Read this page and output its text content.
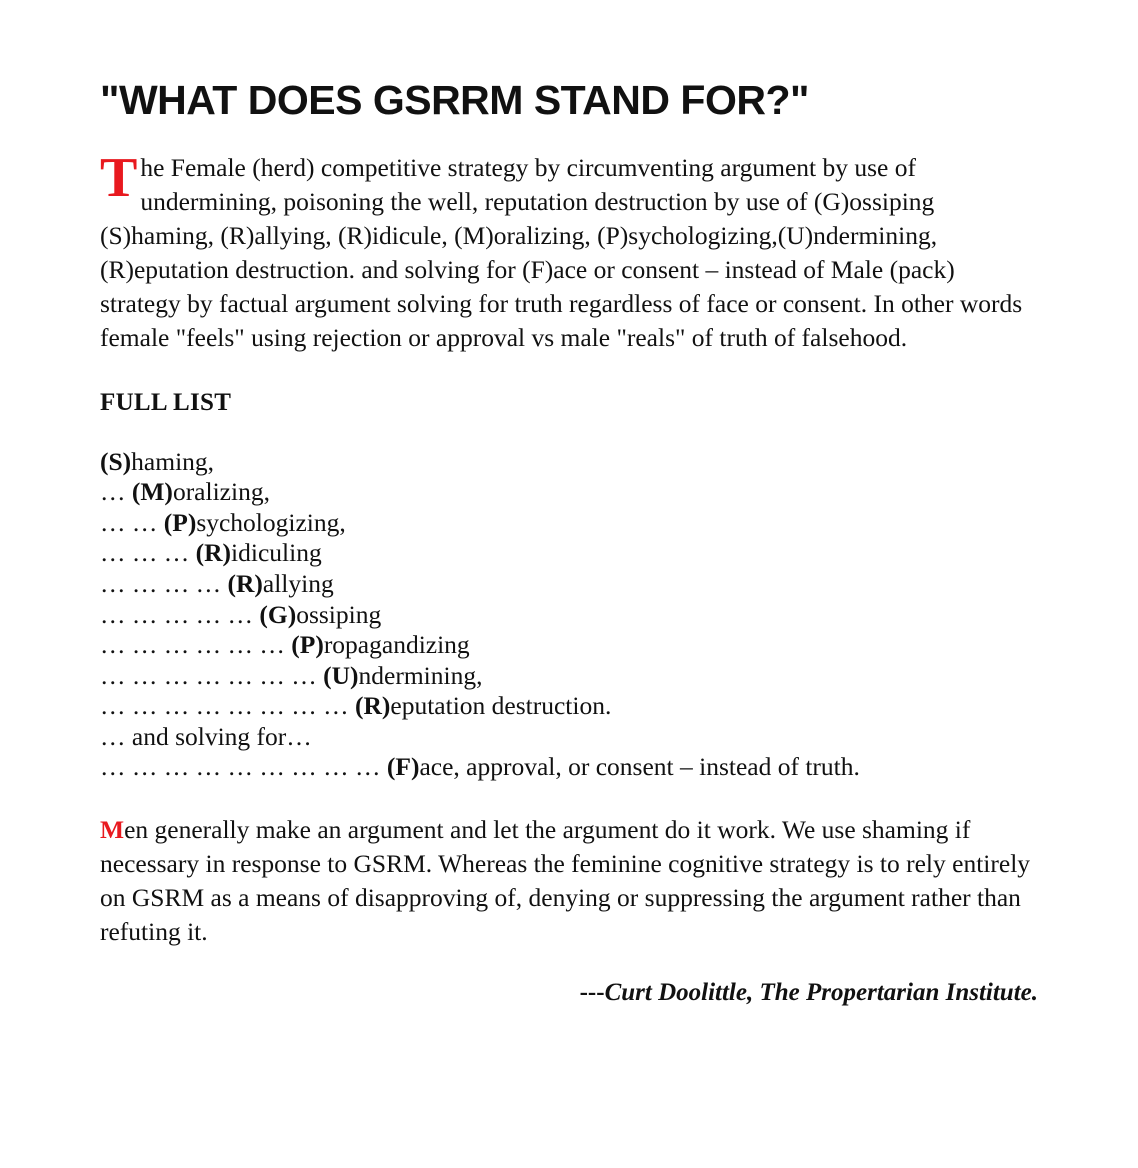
"WHAT DOES GSRRM STAND FOR?"

The Female (herd) competitive strategy by circumventing argument by use of undermining, poisoning the well, reputation destruction by use of (G)ossiping (S)haming, (R)allying, (R)idicule, (M)oralizing, (P)sychologizing,(U)ndermining, (R)eputation destruction. and solving for (F)ace or consent – instead of Male (pack) strategy by factual argument solving for truth regardless of face or consent. In other words female "feels" using rejection or approval vs male "reals" of truth of falsehood.

FULL LIST
(S)haming,
… (M)oralizing,
… … (P)sychologizing,
… … … (R)idiculing
… … … … (R)allying
… … … … … (G)ossiping
… … … … … … (P)ropagandizing
… … … … … … … (U)ndermining,
… … … … … … … … (R)eputation destruction.
… and solving for…
… … … … … … … … … (F)ace, approval, or consent – instead of truth.

Men generally make an argument and let the argument do it work. We use shaming if necessary in response to GSRM. Whereas the feminine cognitive strategy is to rely entirely on GSRM as a means of disapproving of, denying or suppressing the argument rather than refuting it.

---Curt Doolittle, The Propertarian Institute.
